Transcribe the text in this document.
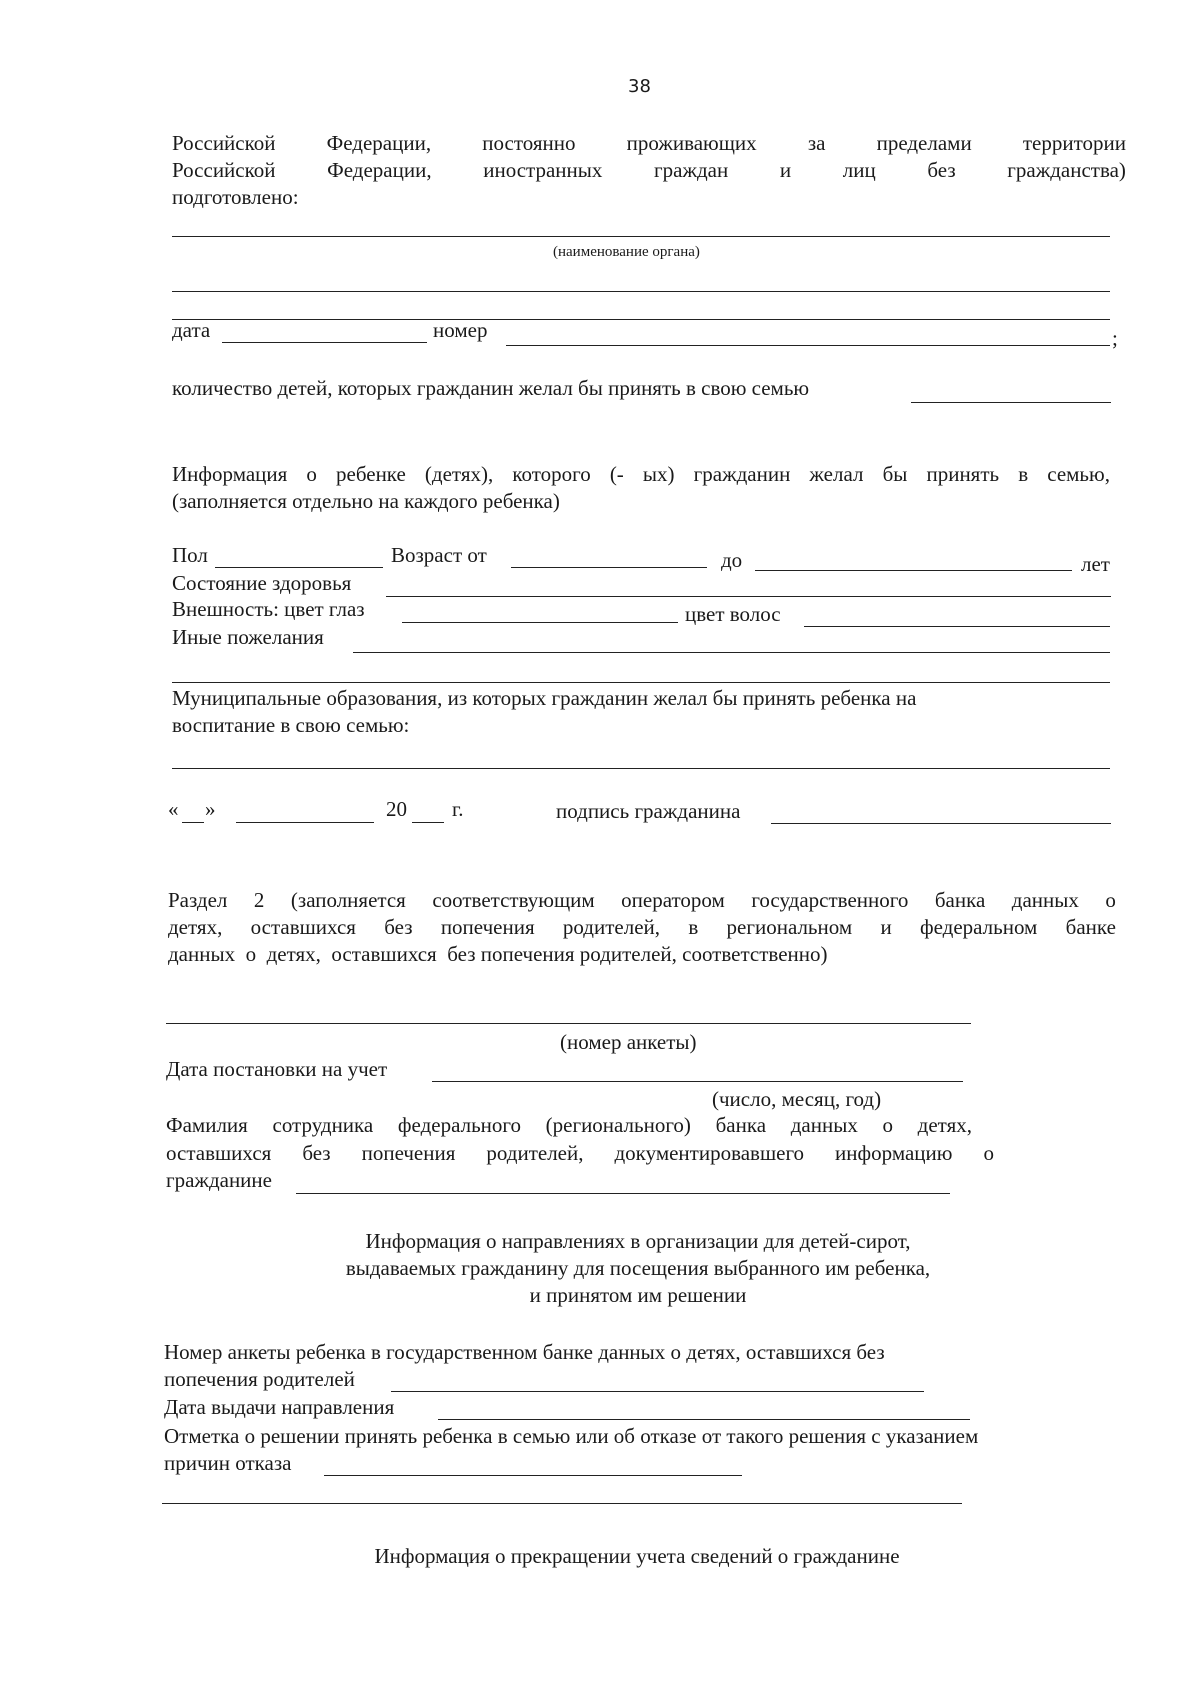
38
Российской Федерации, постоянно проживающих за пределами территории
Российской Федерации, иностранных граждан и лиц без гражданства)
подготовлено:
(наименование органа)
дата	номер	;
количество детей, которых гражданин желал бы принять в свою семью
Информация о ребенке (детях), которого (- ых) гражданин желал бы принять в семью,
(заполняется отдельно на каждого ребенка)
Пол	Возраст от	до	лет
Состояние здоровья
Внешность: цвет глаз	цвет волос
Иные пожелания
Муниципальные образования, из которых гражданин желал бы принять ребенка на
воспитание в свою семью:
« »	20 г.	подпись гражданина
Раздел 2 (заполняется соответствующим оператором государственного банка данных о
детях, оставшихся без попечения родителей, в региональном и федеральном банке
данных  о  детях,  оставшихся  без попечения родителей, соответственно)
(номер анкеты)
Дата постановки на учет
(число, месяц, год)
Фамилия сотрудника федерального (регионального) банка данных о детях,
оставшихся без попечения родителей, документировавшего информацию о
гражданине
Информация о направлениях в организации для детей-сирот,
выдаваемых гражданину для посещения выбранного им ребенка,
и принятом им решении
Номер анкеты ребенка в государственном банке данных о детях, оставшихся без
попечения родителей
Дата выдачи направления
Отметка о решении принять ребенка в семью или об отказе от такого решения с указанием
причин отказа
Информация о прекращении учета сведений о гражданине
